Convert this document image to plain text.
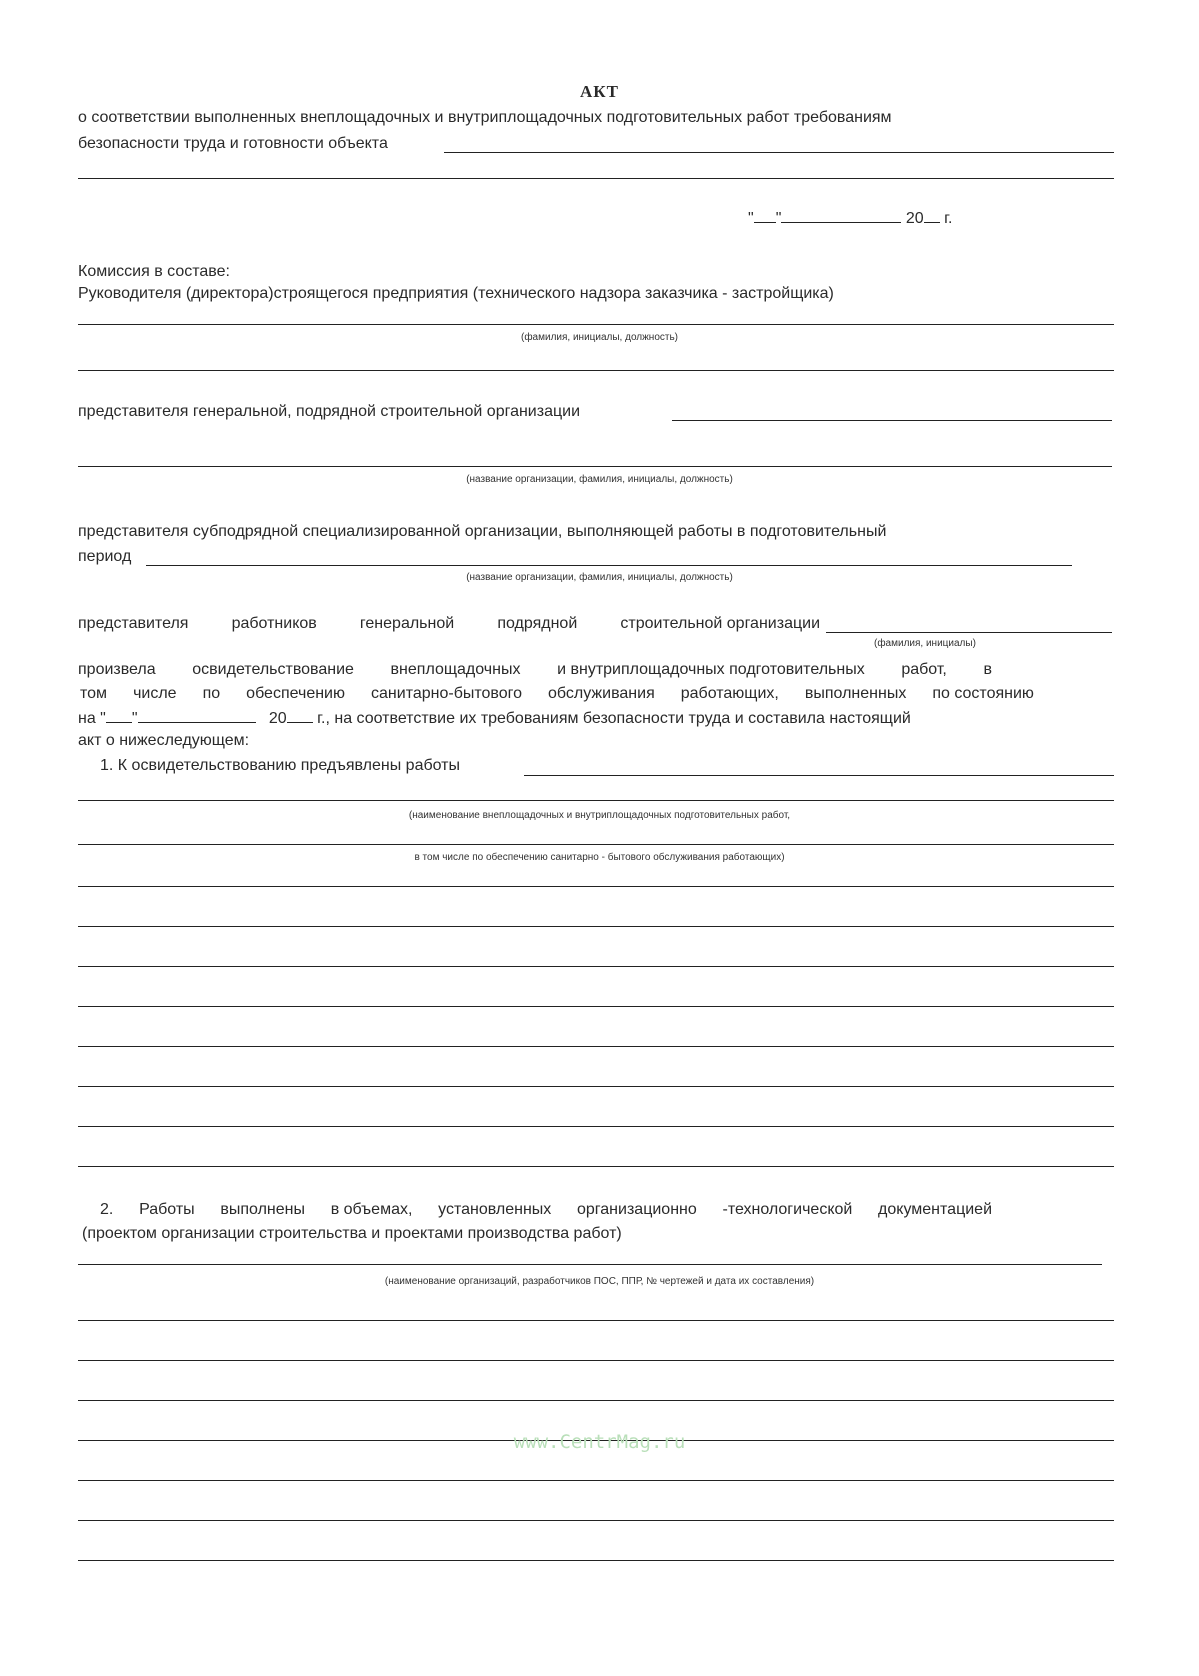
АКТ
о соответствии выполненных внеплощадочных и внутриплощадочных подготовительных работ требованиям
безопасности труда и готовности объекта
" "	20 г.
Комиссия в составе:
Руководителя (директора)строящегося предприятия (технического надзора заказчика - застройщика)
(фамилия, инициалы, должность)
представителя генеральной, подрядной строительной организации
(название организации, фамилия, инициалы, должность)
представителя субподрядной специализированной организации, выполняющей работы в подготовительный
период
(название организации, фамилия, инициалы, должность)
представителя	работников	генеральной	подрядной	строительной организации
(фамилия, инициалы)
произвела освидетельствование внеплощадочных и внутриплощадочных подготовительных работ, в
том числе по обеспечению санитарно-бытового обслуживания работающих, выполненных по состоянию
на " "	20 г., на соответствие их требованиям безопасности труда и составила настоящий
акт о нижеследующем:
1. К освидетельствованию предъявлены работы
(наименование внеплощадочных и внутриплощадочных подготовительных работ,
в том числе по обеспечению санитарно - бытового обслуживания работающих)
2. Работы выполнены в объемах, установленных организационно -технологической документацией
(проектом организации строительства и проектами производства работ)
(наименование организаций, разработчиков ПОС, ППР, № чертежей и дата их составления)
www.CentrMag.ru
